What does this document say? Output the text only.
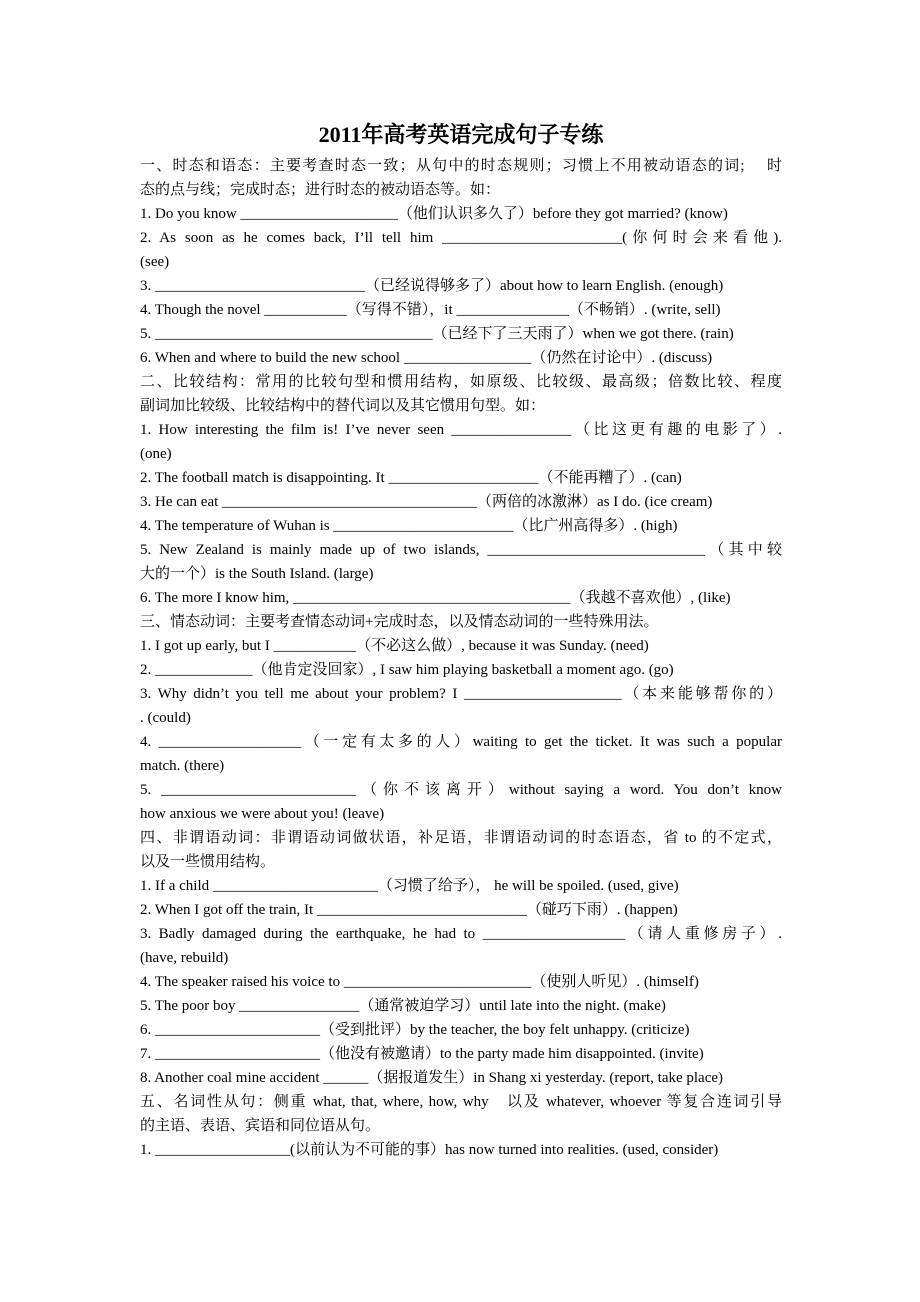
2011年高考英语完成句子专练
一、时态和语态：主要考查时态一致；从句中的时态规则；习惯上不用被动语态的词;　 时
态的点与线；完成时态；进行时态的被动语态等。如：
1. Do you know _____________________（他们认识多久了）before they got married? (know)
2. As soon as he comes back, I’ll tell him ________________________(你何时会来看他).
(see)
3. ____________________________（已经说得够多了）about how to learn English. (enough)
4. Though the novel ___________（写得不错），it _______________（不畅销）. (write, sell)
5. _____________________________________（已经下了三天雨了）when we got there. (rain)
6. When and where to build the new school _________________（仍然在讨论中）. (discuss)
二、比较结构：常用的比较句型和惯用结构，如原级、比较级、最高级；倍数比较、程度
副词加比较级、比较结构中的替代词以及其它惯用句型。如：
1. How interesting the film is! I’ve never seen ________________（比这更有趣的电影了）.
(one)
2. The football match is disappointing. It ____________________（不能再糟了）. (can)
3. He can eat __________________________________（两倍的冰激淋）as I do. (ice cream)
4. The temperature of Wuhan is ________________________（比广州高得多）. (high)
5. New Zealand is mainly made up of two islands, _____________________________（其中较
大的一个）is the South Island. (large)
6. The more I know him, _____________________________________（我越不喜欢他）, (like)
三、情态动词：主要考查情态动词+完成时态，以及情态动词的一些特殊用法。
1. I got up early, but I ___________（不必这么做）, because it was Sunday. (need)
2. _____________（他肯定没回家）, I saw him playing basketball a moment ago. (go)
3. Why didn’t you tell me about your problem? I _____________________（本来能够帮你的）
. (could)
4. ___________________（一定有太多的人）waiting to get the ticket. It was such a popular
match. (there)
5. __________________________（你不该离开）without saying a word. You don’t know
how anxious we were about you! (leave)
四、非谓语动词：非谓语动词做状语，补足语，非谓语动词的时态语态，省 to 的不定式，
以及一些惯用结构。
1. If a child ______________________（习惯了给予）， he will be spoiled. (used, give)
2. When I got off the train, It ____________________________（碰巧下雨）. (happen)
3. Badly damaged during the earthquake, he had to ___________________（请人重修房子）.
(have, rebuild)
4. The speaker raised his voice to _________________________（使别人听见）. (himself)
5. The poor boy ________________（通常被迫学习）until late into the night. (make)
6. ______________________（受到批评）by the teacher, the boy felt unhappy. (criticize)
7. ______________________（他没有被邀请）to the party made him disappointed. (invite)
8. Another coal mine accident ______（据报道发生）in Shang xi yesterday. (report, take place)
五、名词性从句：侧重 what, that, where, how, why　以及 whatever, whoever 等复合连词引导
的主语、表语、宾语和同位语从句。
1. __________________(以前认为不可能的事）has now turned into realities. (used, consider)
